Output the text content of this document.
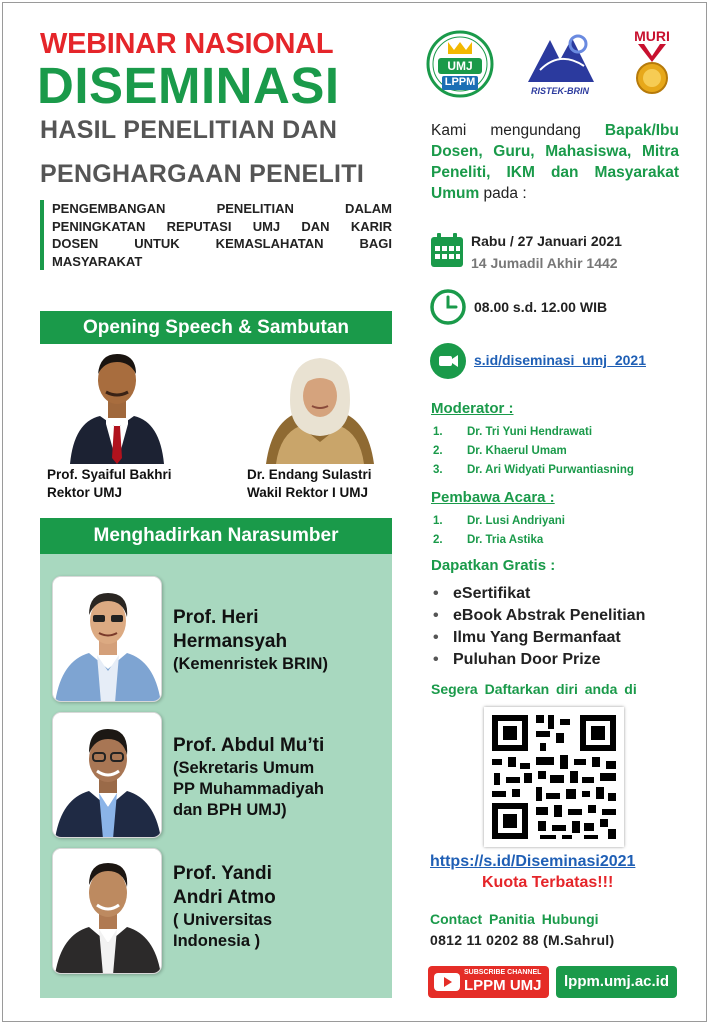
WEBINAR NASIONAL
DISEMINASI
HASIL PENELITIAN DAN
PENGHARGAAN PENELITI
PENGEMBANGAN PENELITIAN DALAM
PENINGKATAN REPUTASI UMJ DAN KARIR
DOSEN UNTUK KEMASLAHATAN BAGI
MASYARAKAT
UMJ
LPPM
RISTEK-BRIN
MURI
Kami mengundang Bapak/Ibu Dosen, Guru, Mahasiswa, Mitra Peneliti, IKM dan Masyarakat Umum pada :
Rabu / 27 Januari 2021
14 Jumadil Akhir 1442
08.00 s.d. 12.00 WIB
s.id/diseminasi_umj_2021
Moderator :
1.	Dr. Tri Yuni Hendrawati
2.	Dr. Khaerul Umam
3.	Dr. Ari Widyati Purwantiasning
Pembawa Acara :
1.	Dr. Lusi Andriyani
2.	Dr. Tria Astika
Dapatkan Gratis :
• eSertifikat
• eBook Abstrak Penelitian
• Ilmu Yang Bermanfaat
• Puluhan Door Prize
Segera Daftarkan diri anda di
https://s.id/Diseminasi2021
Kuota Terbatas!!!
Contact Panitia Hubungi
0812 11 0202 88 (M.Sahrul)
SUBSCRIBE CHANNEL
LPPM UMJ	lppm.umj.ac.id
Opening Speech & Sambutan
Prof. Syaiful Bakhri
Rektor UMJ
Dr. Endang Sulastri
Wakil Rektor I UMJ
Menghadirkan Narasumber
Prof. Heri
Hermansyah
(Kemenristek BRIN)
Prof. Abdul Mu’ti
(Sekretaris Umum
PP Muhammadiyah
dan BPH UMJ)
Prof. Yandi
Andri Atmo
( Universitas
Indonesia )
